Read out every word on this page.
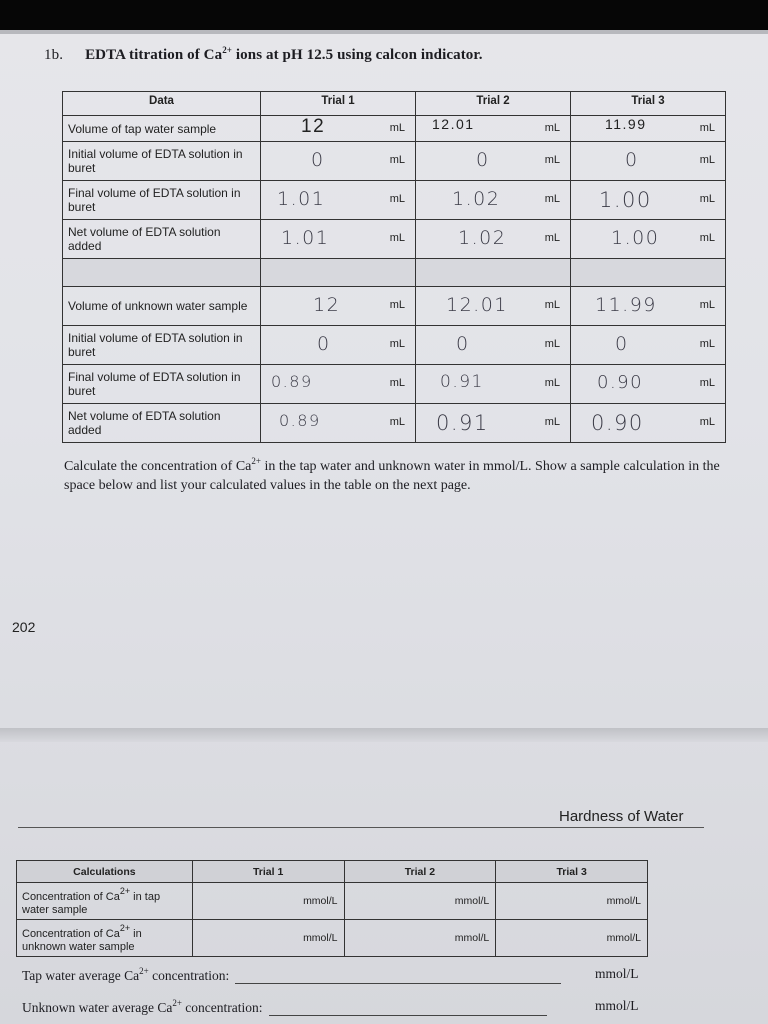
1b. EDTA titration of $Ca^{2+}$ ions at pH 12.5 using calcon indicator.
Data	Trial 1	Trial 2	Trial 3
Volume of tap water sample	12 mL	12.01 mL	11.99 mL

Initial volume of EDTA solution in buret	0 mL	0 mL	0 mL

Final volume of EDTA solution in buret	1.01 mL	1.02 mL	1.00 mL

Net volume of EDTA solution added	1.01 mL	1.02 mL	1.00 mL

Volume of unknown water sample	12 mL	12.01 mL	11.99 mL

Initial volume of EDTA solution in buret	0 mL	0 mL	0 mL

Final volume of EDTA solution in buret	0.89 mL	0.91 mL	0.90 mL

Net volume of EDTA solution added	0.89 mL	0.91 mL	0.90 mL
Calculate the concentration of $Ca^{2+}$ in the tap water and unknown water in mmol/L. Show a sample calculation in the space below and list your calculated values in the table on the next page.
202
Hardness of Water
Calculations	Trial 1	Trial 2	Trial 3
Concentration of $Ca^{2+}$ in tap water sample	mmol/L	mmol/L	mmol/L
Concentration of $Ca^{2+}$ in unknown water sample	mmol/L	mmol/L	mmol/L
Tap water average $Ca^{2+}$ concentration:	mmol/L
Unknown water average $Ca^{2+}$ concentration:	mmol/L
